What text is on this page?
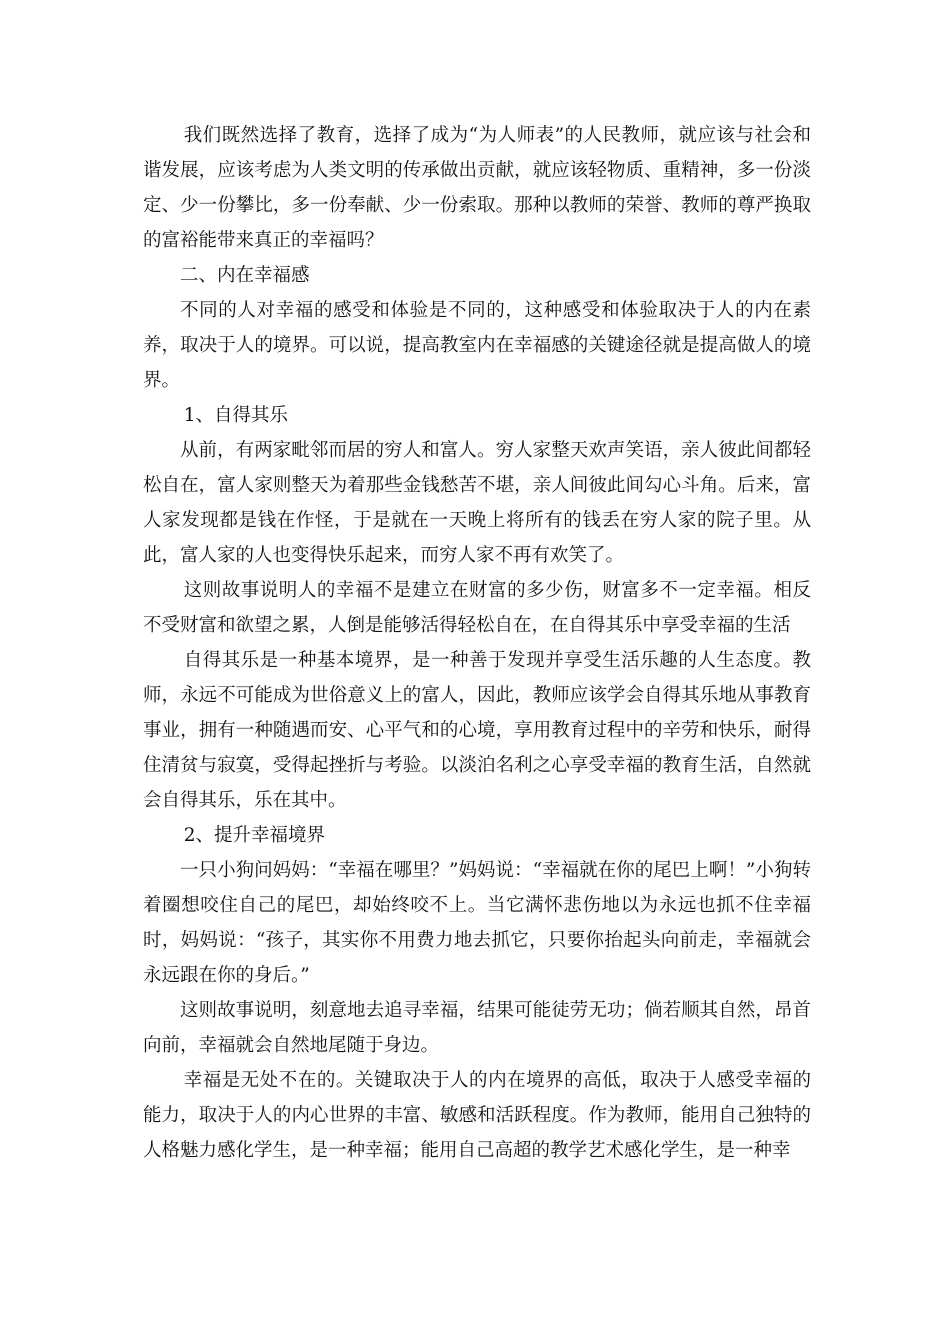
我们既然选择了教育，选择了成为“为人师表”的人民教师，就应该与社会和谐发展，应该考虑为人类文明的传承做出贡献，就应该轻物质、重精神，多一份淡定、少一份攀比，多一份奉献、少一份索取。那种以教师的荣誉、教师的尊严换取的富裕能带来真正的幸福吗？

二、内在幸福感

不同的人对幸福的感受和体验是不同的，这种感受和体验取决于人的内在素养，取决于人的境界。可以说，提高教室内在幸福感的关键途径就是提高做人的境界。

1、自得其乐

从前，有两家毗邻而居的穷人和富人。穷人家整天欢声笑语，亲人彼此间都轻松自在，富人家则整天为着那些金钱愁苦不堪，亲人间彼此间勾心斗角。后来，富人家发现都是钱在作怪，于是就在一天晚上将所有的钱丢在穷人家的院子里。从此，富人家的人也变得快乐起来，而穷人家不再有欢笑了。

这则故事说明人的幸福不是建立在财富的多少伤，财富多不一定幸福。相反不受财富和欲望之累，人倒是能够活得轻松自在，在自得其乐中享受幸福的生活

自得其乐是一种基本境界，是一种善于发现并享受生活乐趣的人生态度。教师，永远不可能成为世俗意义上的富人，因此，教师应该学会自得其乐地从事教育事业，拥有一种随遇而安、心平气和的心境，享用教育过程中的辛劳和快乐，耐得住清贫与寂寞，受得起挫折与考验。以淡泊名利之心享受幸福的教育生活，自然就会自得其乐，乐在其中。

2、提升幸福境界

一只小狗问妈妈：“幸福在哪里？”妈妈说：“幸福就在你的尾巴上啊！”小狗转着圈想咬住自己的尾巴，却始终咬不上。当它满怀悲伤地以为永远也抓不住幸福时，妈妈说：“孩子，其实你不用费力地去抓它，只要你抬起头向前走，幸福就会永远跟在你的身后。”

这则故事说明，刻意地去追寻幸福，结果可能徒劳无功；倘若顺其自然，昂首向前，幸福就会自然地尾随于身边。

幸福是无处不在的。关键取决于人的内在境界的高低，取决于人感受幸福的能力，取决于人的内心世界的丰富、敏感和活跃程度。作为教师，能用自己独特的人格魅力感化学生，是一种幸福；能用自己高超的教学艺术感化学生，是一种幸
